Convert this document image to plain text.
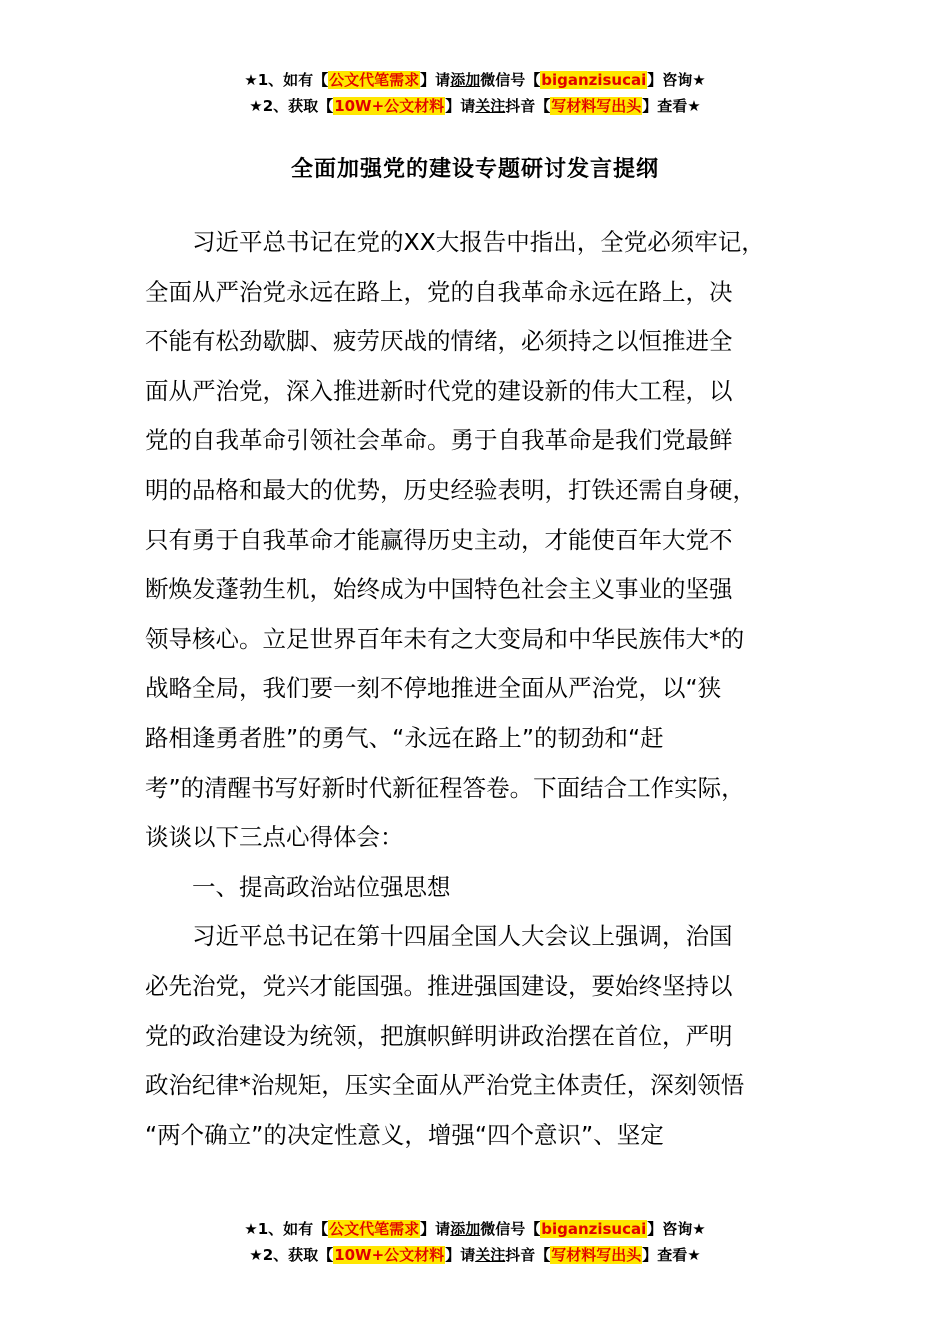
★1、如有【公文代笔需求】请添加微信号【biganzisucai】咨询★
★2、获取【10W+公文材料】请关注抖音【写材料写出头】查看★
全面加强党的建设专题研讨发言提纲

　　习近平总书记在党的XX大报告中指出，全党必须牢记，

全面从严治党永远在路上，党的自我革命永远在路上，决

不能有松劲歇脚、疲劳厌战的情绪，必须持之以恒推进全

面从严治党，深入推进新时代党的建设新的伟大工程，以

党的自我革命引领社会革命。勇于自我革命是我们党最鲜

明的品格和最大的优势，历史经验表明，打铁还需自身硬，

只有勇于自我革命才能赢得历史主动，才能使百年大党不

断焕发蓬勃生机，始终成为中国特色社会主义事业的坚强

领导核心。立足世界百年未有之大变局和中华民族伟大*的

战略全局，我们要一刻不停地推进全面从严治党，以“狭

路相逢勇者胜”的勇气、“永远在路上”的韧劲和“赶

考”的清醒书写好新时代新征程答卷。下面结合工作实际，

谈谈以下三点心得体会：

　　一、提高政治站位强思想

　　习近平总书记在第十四届全国人大会议上强调，治国

必先治党，党兴才能国强。推进强国建设，要始终坚持以

党的政治建设为统领，把旗帜鲜明讲政治摆在首位，严明

政治纪律*治规矩，压实全面从严治党主体责任，深刻领悟

“两个确立”的决定性意义，增强“四个意识”、坚定

★1、如有【公文代笔需求】请添加微信号【biganzisucai】咨询★
★2、获取【10W+公文材料】请关注抖音【写材料写出头】查看★
